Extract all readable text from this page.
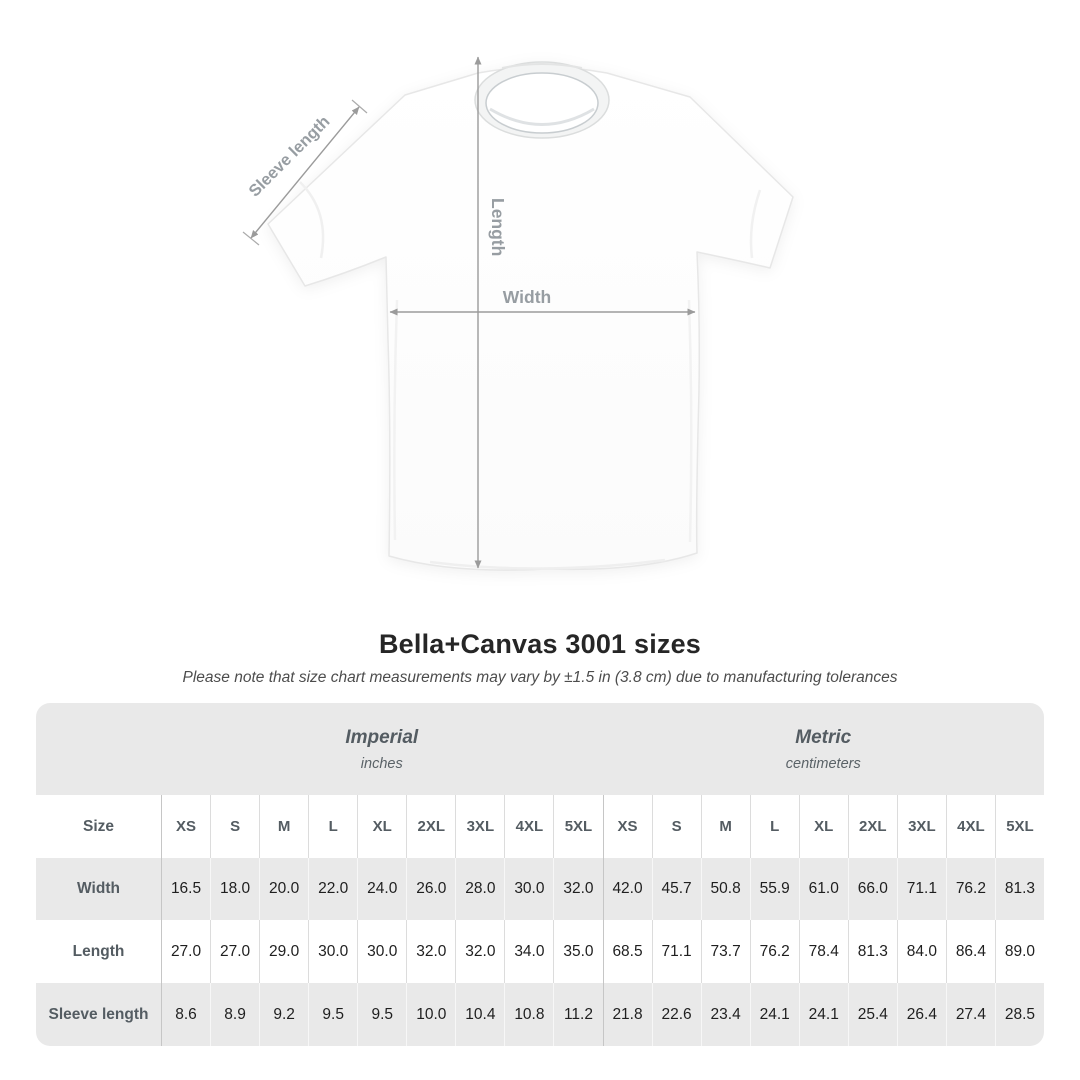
Width
Length
Sleeve length
Bella+Canvas 3001 sizes
Please note that size chart measurements may vary by ±1.5 in (3.8 cm) due to manufacturing tolerances
Imperial
inches
Metric
centimeters
Size	XS	S	M	L	XL	2XL	3XL	4XL	5XL	XS	S	M	L	XL	2XL	3XL	4XL	5XL
Width	16.5	18.0	20.0	22.0	24.0	26.0	28.0	30.0	32.0	42.0	45.7	50.8	55.9	61.0	66.0	71.1	76.2	81.3
Length	27.0	27.0	29.0	30.0	30.0	32.0	32.0	34.0	35.0	68.5	71.1	73.7	76.2	78.4	81.3	84.0	86.4	89.0
Sleeve length	8.6	8.9	9.2	9.5	9.5	10.0	10.4	10.8	11.2	21.8	22.6	23.4	24.1	24.1	25.4	26.4	27.4	28.5
